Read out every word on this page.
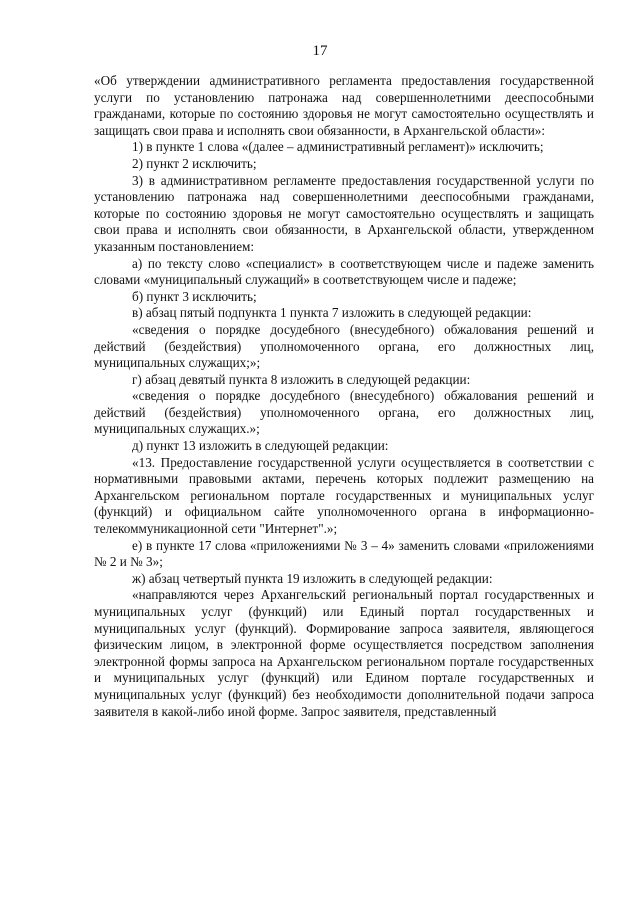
17

«Об утверждении административного регламента предоставления государственной услуги по установлению патронажа над совершеннолетними дееспособными гражданами, которые по состоянию здоровья не могут самостоятельно осуществлять и защищать свои права и исполнять свои обязанности, в Архангельской области»:

1) в пункте 1 слова «(далее – административный регламент)» исключить;

2) пункт 2 исключить;

3) в административном регламенте предоставления государственной услуги по установлению патронажа над совершеннолетними дееспособными гражданами, которые по состоянию здоровья не могут самостоятельно осуществлять и защищать свои права и исполнять свои обязанности, в Архангельской области, утвержденном указанным постановлением:

а) по тексту слово «специалист» в соответствующем числе и падеже заменить словами «муниципальный служащий» в соответствующем числе и падеже;

б) пункт 3 исключить;

в) абзац пятый подпункта 1 пункта 7 изложить в следующей редакции:

«сведения о порядке досудебного (внесудебного) обжалования решений и действий (бездействия) уполномоченного органа, его должностных лиц, муниципальных служащих;»;

г) абзац девятый пункта 8 изложить в следующей редакции:

«сведения о порядке досудебного (внесудебного) обжалования решений и действий (бездействия) уполномоченного органа, его должностных лиц, муниципальных служащих.»;

д) пункт 13 изложить в следующей редакции:

«13. Предоставление государственной услуги осуществляется в соответствии с нормативными правовыми актами, перечень которых подлежит размещению на Архангельском региональном портале государственных и муниципальных услуг (функций) и официальном сайте уполномоченного органа в информационно-телекоммуникационной сети "Интернет".»;

е) в пункте 17 слова «приложениями № 3 – 4» заменить словами «приложениями № 2 и № 3»;

ж) абзац четвертый пункта 19 изложить в следующей редакции:

«направляются через Архангельский региональный портал государственных и муниципальных услуг (функций) или Единый портал государственных и муниципальных услуг (функций). Формирование запроса заявителя, являющегося физическим лицом, в электронной форме осуществляется посредством заполнения электронной формы запроса на Архангельском региональном портале государственных и муниципальных услуг (функций) или Едином портале государственных и муниципальных услуг (функций) без необходимости дополнительной подачи запроса заявителя в какой-либо иной форме. Запрос заявителя, представленный
